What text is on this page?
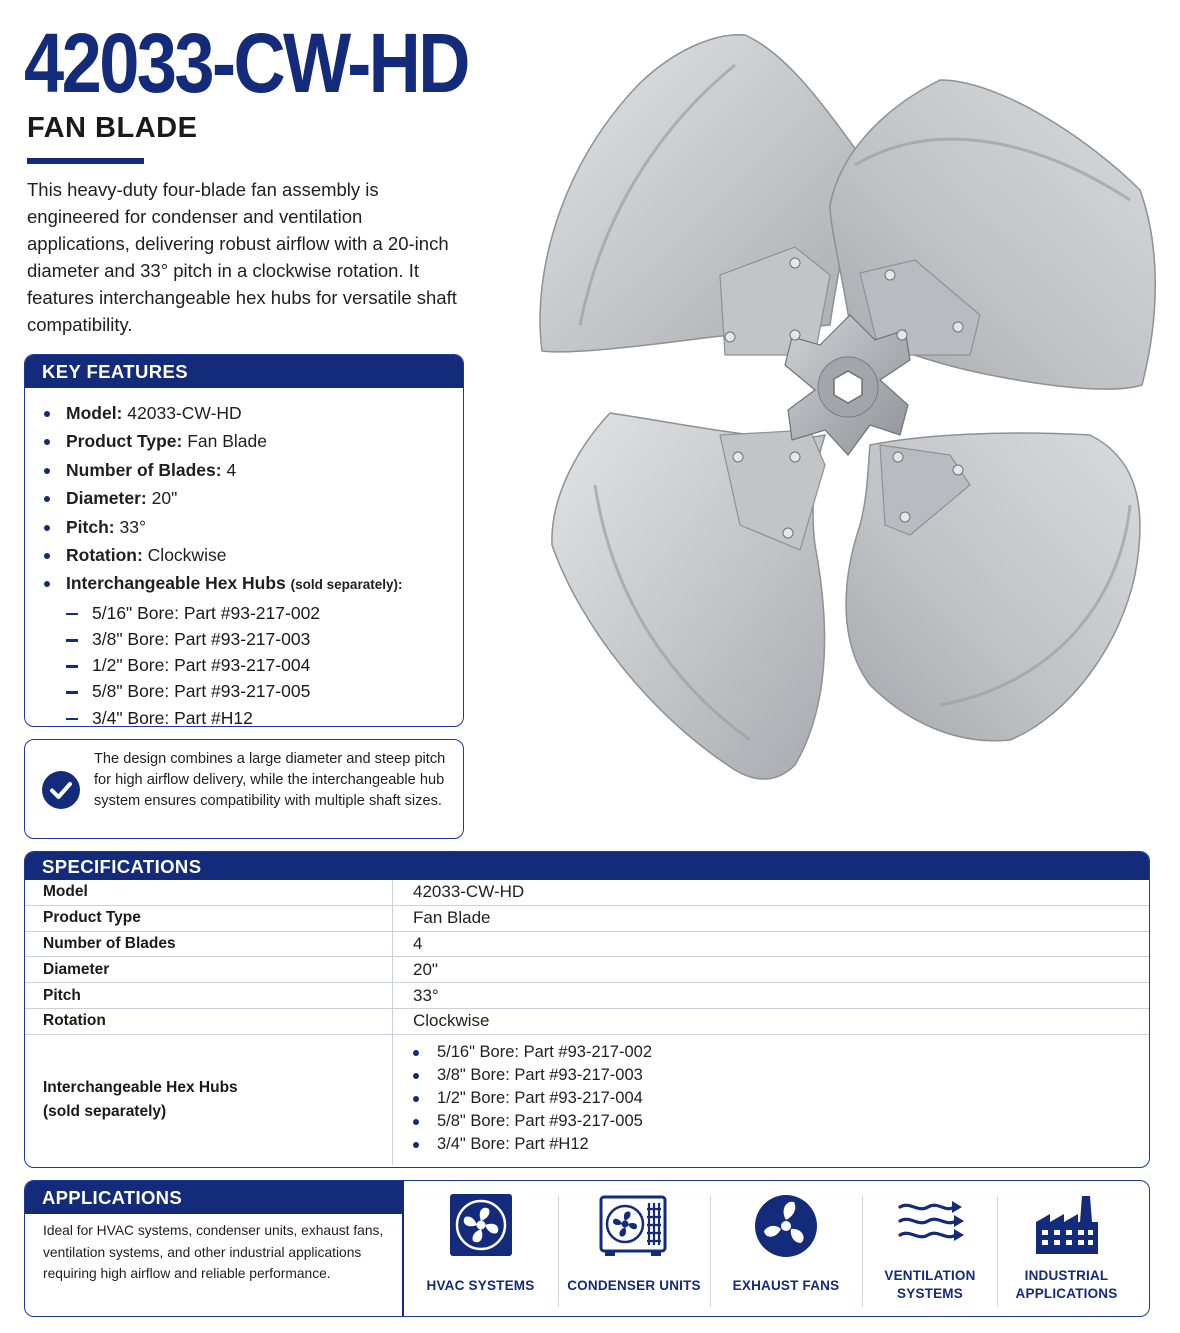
42033-CW-HD
FAN BLADE

This heavy-duty four-blade fan assembly is engineered for condenser and ventilation applications, delivering robust airflow with a 20-inch diameter and 33° pitch in a clockwise rotation. It features interchangeable hex hubs for versatile shaft compatibility.

KEY FEATURES
Model: 42033-CW-HD
Product Type: Fan Blade
Number of Blades: 4
Diameter: 20"
Pitch: 33°
Rotation: Clockwise
Interchangeable Hex Hubs (sold separately):
5/16" Bore: Part #93-217-002
3/8" Bore: Part #93-217-003
1/2" Bore: Part #93-217-004
5/8" Bore: Part #93-217-005
3/4" Bore: Part #H12

The design combines a large diameter and steep pitch for high airflow delivery, while the interchangeable hub system ensures compatibility with multiple shaft sizes.

SPECIFICATIONS
Model	42033-CW-HD
Product Type	Fan Blade
Number of Blades	4
Diameter	20"
Pitch	33°
Rotation	Clockwise
Interchangeable Hex Hubs
(sold separately)
5/16" Bore: Part #93-217-002
3/8" Bore: Part #93-217-003
1/2" Bore: Part #93-217-004
5/8" Bore: Part #93-217-005
3/4" Bore: Part #H12
APPLICATIONS

Ideal for HVAC systems, condenser units, exhaust fans, ventilation systems, and other industrial applications requiring high airflow and reliable performance.

HVAC SYSTEMS	CONDENSER UNITS	EXHAUST FANS
VENTILATION
SYSTEMS
INDUSTRIAL
APPLICATIONS
